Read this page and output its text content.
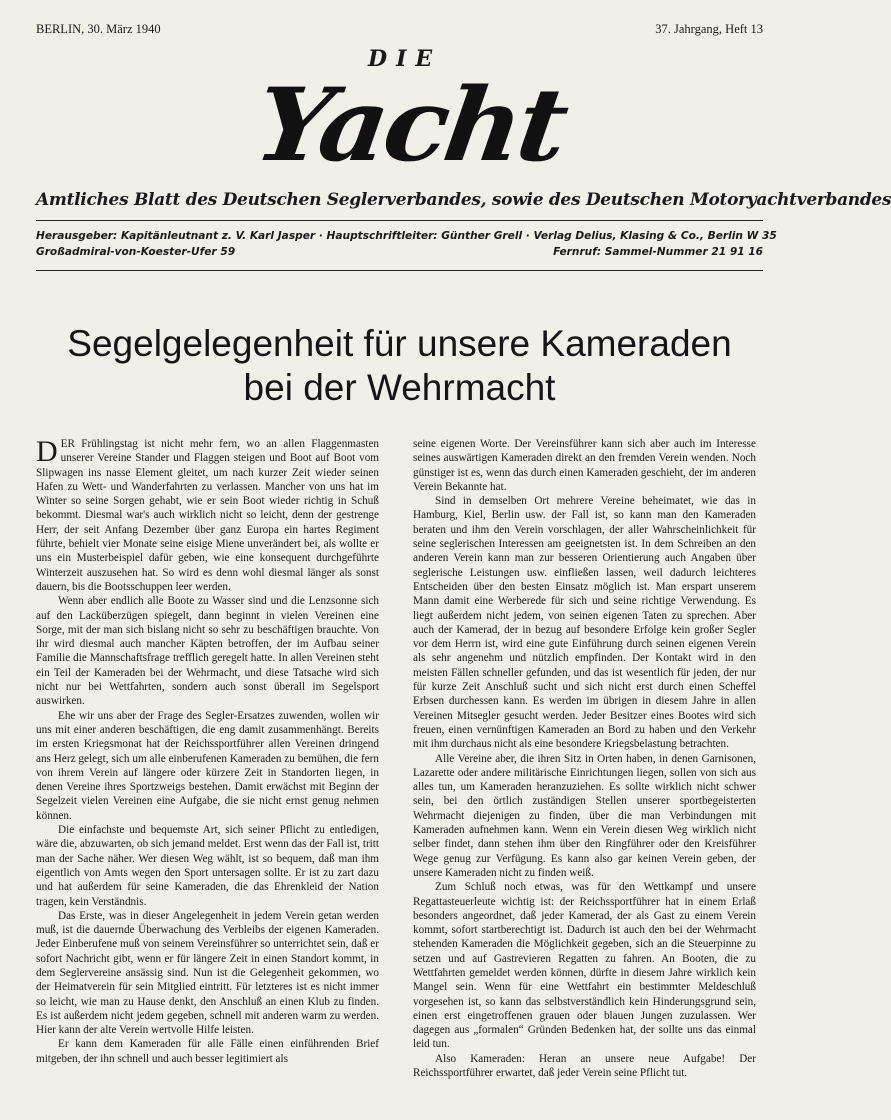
BERLIN, 30. März 1940	37. Jahrgang, Heft 13
DIE
Yacht
Amtliches Blatt des Deutschen Seglerverbandes, sowie des Deutschen Motoryachtverbandes
Herausgeber: Kapitänleutnant z. V. Karl Jasper · Hauptschriftleiter: Günther Grell · Verlag Delius, Klasing & Co., Berlin W 35
Großadmiral-von-Koester-Ufer 59	Fernruf: Sammel-Nummer 21 91 16
Segelgelegenheit für unsere Kameraden
bei der Wehrmacht

DER Frühlingstag ist nicht mehr fern, wo an allen Flaggenmasten unserer Vereine Stander und Flaggen steigen und Boot auf Boot vom Slipwagen ins nasse Element gleitet, um nach kurzer Zeit wieder seinen Hafen zu Wett- und Wanderfahrten zu verlassen. Mancher von uns hat im Winter so seine Sorgen gehabt, wie er sein Boot wieder richtig in Schuß bekommt. Diesmal war's auch wirklich nicht so leicht, denn der gestrenge Herr, der seit Anfang Dezember über ganz Europa ein hartes Regiment führte, behielt vier Monate seine eisige Miene unverändert bei, als wollte er uns ein Musterbeispiel dafür geben, wie eine konsequent durchgeführte Winterzeit auszusehen hat. So wird es denn wohl diesmal länger als sonst dauern, bis die Bootsschuppen leer werden.

Wenn aber endlich alle Boote zu Wasser sind und die Lenzsonne sich auf den Lacküberzügen spiegelt, dann beginnt in vielen Vereinen eine Sorge, mit der man sich bislang nicht so sehr zu beschäftigen brauchte. Von ihr wird diesmal auch mancher Käpten betroffen, der im Aufbau seiner Familie die Mannschaftsfrage trefflich geregelt hatte. In allen Vereinen steht ein Teil der Kameraden bei der Wehrmacht, und diese Tatsache wird sich nicht nur bei Wettfahrten, sondern auch sonst überall im Segelsport auswirken.

Ehe wir uns aber der Frage des Segler-Ersatzes zuwenden, wollen wir uns mit einer anderen beschäftigen, die eng damit zusammenhängt. Bereits im ersten Kriegsmonat hat der Reichssportführer allen Vereinen dringend ans Herz gelegt, sich um alle einberufenen Kameraden zu bemühen, die fern von ihrem Verein auf längere oder kürzere Zeit in Standorten liegen, in denen Vereine ihres Sportzweigs bestehen. Damit erwächst mit Beginn der Segelzeit vielen Vereinen eine Aufgabe, die sie nicht ernst genug nehmen können.

Die einfachste und bequemste Art, sich seiner Pflicht zu entledigen, wäre die, abzuwarten, ob sich jemand meldet. Erst wenn das der Fall ist, tritt man der Sache näher. Wer diesen Weg wählt, ist so bequem, daß man ihm eigentlich von Amts wegen den Sport untersagen sollte. Er ist zu zart dazu und hat außerdem für seine Kameraden, die das Ehrenkleid der Nation tragen, kein Verständnis.

Das Erste, was in dieser Angelegenheit in jedem Verein getan werden muß, ist die dauernde Überwachung des Verbleibs der eigenen Kameraden. Jeder Einberufene muß von seinem Vereinsführer so unterrichtet sein, daß er sofort Nachricht gibt, wenn er für längere Zeit in einen Standort kommt, in dem Seglervereine ansässig sind. Nun ist die Gelegenheit gekommen, wo der Heimatverein für sein Mitglied eintritt. Für letzteres ist es nicht immer so leicht, wie man zu Hause denkt, den Anschluß an einen Klub zu finden. Es ist außerdem nicht jedem gegeben, schnell mit anderen warm zu werden. Hier kann der alte Verein wertvolle Hilfe leisten.

Er kann dem Kameraden für alle Fälle einen einführenden Brief mitgeben, der ihn schnell und auch besser legitimiert als

seine eigenen Worte. Der Vereinsführer kann sich aber auch im Interesse seines auswärtigen Kameraden direkt an den fremden Verein wenden. Noch günstiger ist es, wenn das durch einen Kameraden geschieht, der im anderen Verein Bekannte hat.

Sind in demselben Ort mehrere Vereine beheimatet, wie das in Hamburg, Kiel, Berlin usw. der Fall ist, so kann man den Kameraden beraten und ihm den Verein vorschlagen, der aller Wahrscheinlichkeit für seine seglerischen Interessen am geeignetsten ist. In dem Schreiben an den anderen Verein kann man zur besseren Orientierung auch Angaben über seglerische Leistungen usw. einfließen lassen, weil dadurch leichteres Entscheiden über den besten Einsatz möglich ist. Man erspart unserem Mann damit eine Werberede für sich und seine richtige Verwendung. Es liegt außerdem nicht jedem, von seinen eigenen Taten zu sprechen. Aber auch der Kamerad, der in bezug auf besondere Erfolge kein großer Segler vor dem Herrn ist, wird eine gute Einführung durch seinen eigenen Verein als sehr angenehm und nützlich empfinden. Der Kontakt wird in den meisten Fällen schneller gefunden, und das ist wesentlich für jeden, der nur für kurze Zeit Anschluß sucht und sich nicht erst durch einen Scheffel Erbsen durchessen kann. Es werden im übrigen in diesem Jahre in allen Vereinen Mitsegler gesucht werden. Jeder Besitzer eines Bootes wird sich freuen, einen vernünftigen Kameraden an Bord zu haben und den Verkehr mit ihm durchaus nicht als eine besondere Kriegsbelastung betrachten.

Alle Vereine aber, die ihren Sitz in Orten haben, in denen Garnisonen, Lazarette oder andere militärische Einrichtungen liegen, sollen von sich aus alles tun, um Kameraden heranzuziehen. Es sollte wirklich nicht schwer sein, bei den örtlich zuständigen Stellen unserer sportbegeisterten Wehrmacht diejenigen zu finden, über die man Verbindungen mit Kameraden aufnehmen kann. Wenn ein Verein diesen Weg wirklich nicht selber findet, dann stehen ihm über den Ringführer oder den Kreisführer Wege genug zur Verfügung. Es kann also gar keinen Verein geben, der unsere Kameraden nicht zu finden weiß.

Zum Schluß noch etwas, was für den Wettkampf und unsere Regattasteuerleute wichtig ist: der Reichssportführer hat in einem Erlaß besonders angeordnet, daß jeder Kamerad, der als Gast zu einem Verein kommt, sofort startberechtigt ist. Dadurch ist auch den bei der Wehrmacht stehenden Kameraden die Möglichkeit gegeben, sich an die Steuerpinne zu setzen und auf Gastrevieren Regatten zu fahren. An Booten, die zu Wettfahrten gemeldet werden können, dürfte in diesem Jahre wirklich kein Mangel sein. Wenn für eine Wettfahrt ein bestimmter Meldeschluß vorgesehen ist, so kann das selbstverständlich kein Hinderungsgrund sein, einen erst eingetroffenen grauen oder blauen Jungen zuzulassen. Wer dagegen aus „formalen“ Gründen Bedenken hat, der sollte uns das einmal leid tun.

Also Kameraden: Heran an unsere neue Aufgabe! Der Reichssportführer erwartet, daß jeder Verein seine Pflicht tut.
